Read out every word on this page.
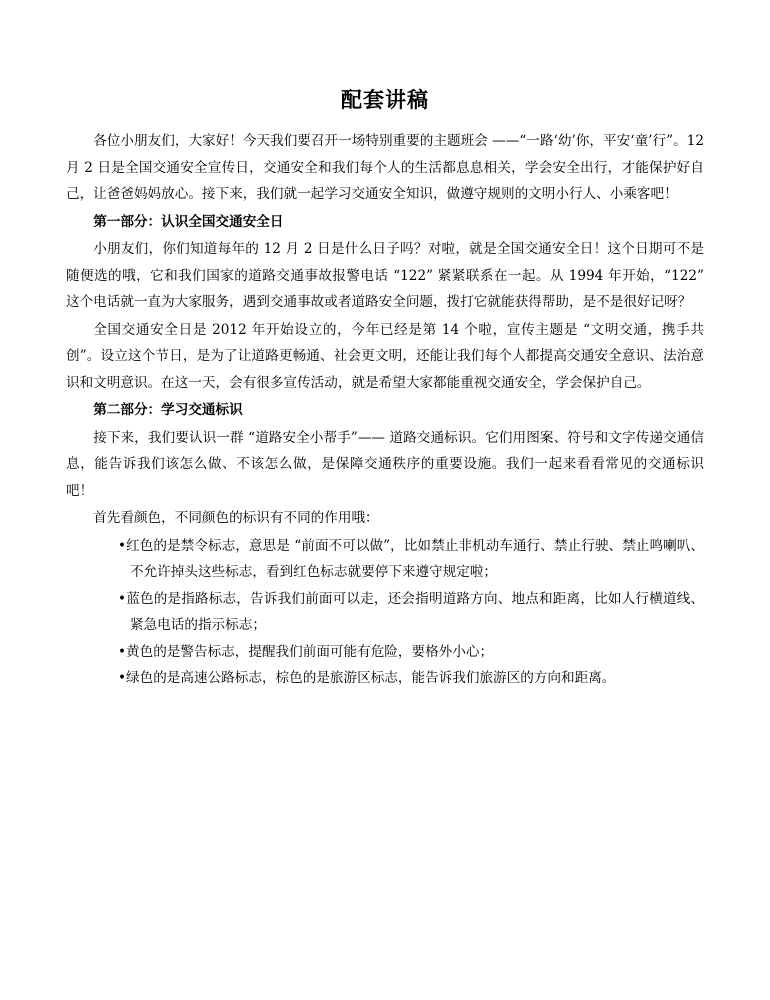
配套讲稿

各位小朋友们，大家好！今天我们要召开一场特别重要的主题班会 ——“一路‘幼’你，平安‘童’行”。12 月 2 日是全国交通安全宣传日，交通安全和我们每个人的生活都息息相关，学会安全出行，才能保护好自己，让爸爸妈妈放心。接下来，我们就一起学习交通安全知识，做遵守规则的文明小行人、小乘客吧！

第一部分：认识全国交通安全日

小朋友们，你们知道每年的 12 月 2 日是什么日子吗？对啦，就是全国交通安全日！这个日期可不是随便选的哦，它和我们国家的道路交通事故报警电话 “122” 紧紧联系在一起。从 1994 年开始，“122” 这个电话就一直为大家服务，遇到交通事故或者道路安全问题，拨打它就能获得帮助，是不是很好记呀？

全国交通安全日是 2012 年开始设立的，今年已经是第 14 个啦，宣传主题是 “文明交通，携手共创”。设立这个节日，是为了让道路更畅通、社会更文明，还能让我们每个人都提高交通安全意识、法治意识和文明意识。在这一天，会有很多宣传活动，就是希望大家都能重视交通安全，学会保护自己。

第二部分：学习交通标识

接下来，我们要认识一群 “道路安全小帮手”—— 道路交通标识。它们用图案、符号和文字传递交通信息，能告诉我们该怎么做、不该怎么做，是保障交通秩序的重要设施。我们一起来看看常见的交通标识吧！

首先看颜色，不同颜色的标识有不同的作用哦：

•红色的是禁令标志，意思是 “前面不可以做”，比如禁止非机动车通行、禁止行驶、禁止鸣喇叭、不允许掉头这些标志，看到红色标志就要停下来遵守规定啦；
•蓝色的是指路标志，告诉我们前面可以走，还会指明道路方向、地点和距离，比如人行横道线、紧急电话的指示标志；
•黄色的是警告标志，提醒我们前面可能有危险，要格外小心；
•绿色的是高速公路标志，棕色的是旅游区标志，能告诉我们旅游区的方向和距离。
